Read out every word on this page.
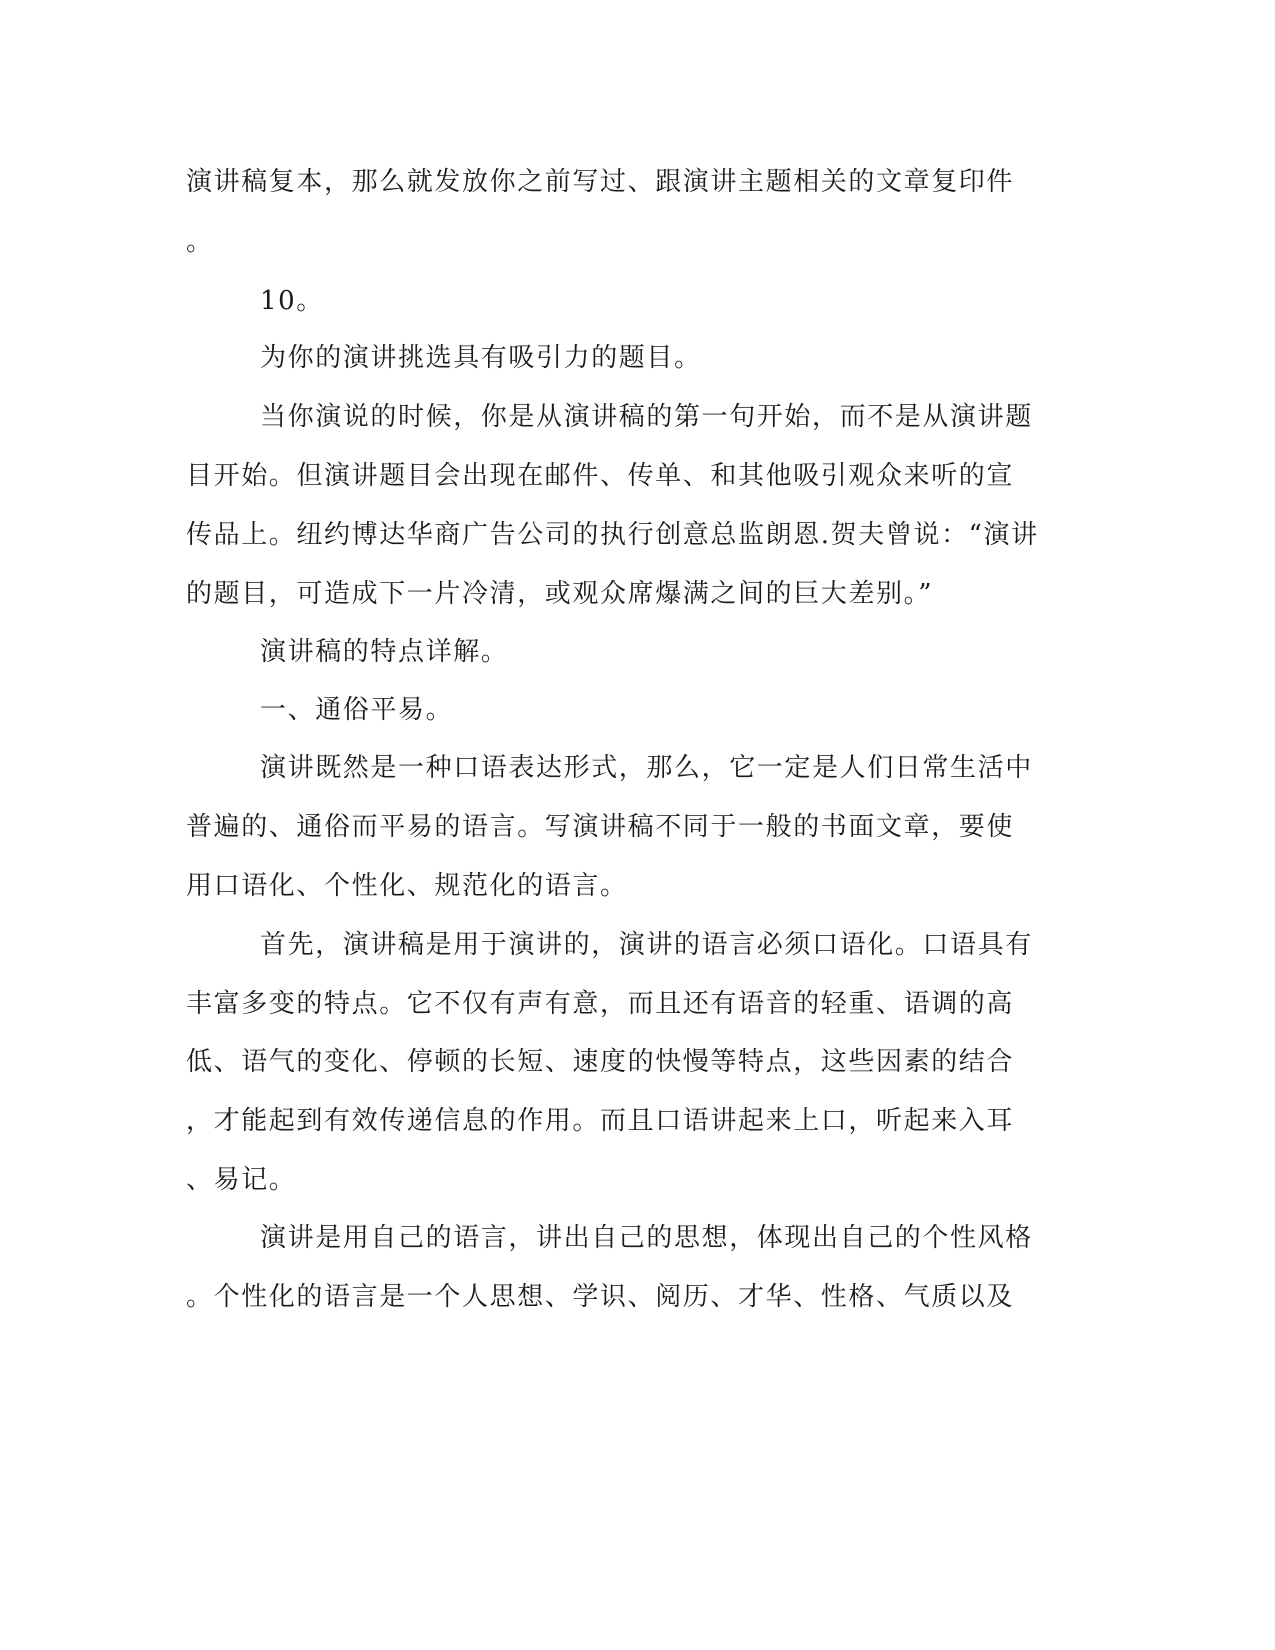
演讲稿复本，那么就发放你之前写过、跟演讲主题相关的文章复印件
。
10。
为你的演讲挑选具有吸引力的题目。
当你演说的时候，你是从演讲稿的第一句开始，而不是从演讲题
目开始。但演讲题目会出现在邮件、传单、和其他吸引观众来听的宣
传品上。纽约博达华商广告公司的执行创意总监朗恩.贺夫曾说：“演讲
的题目，可造成下一片冷清，或观众席爆满之间的巨大差别。”
演讲稿的特点详解。
一、通俗平易。
演讲既然是一种口语表达形式，那么，它一定是人们日常生活中
普遍的、通俗而平易的语言。写演讲稿不同于一般的书面文章，要使
用口语化、个性化、规范化的语言。
首先，演讲稿是用于演讲的，演讲的语言必须口语化。口语具有
丰富多变的特点。它不仅有声有意，而且还有语音的轻重、语调的高
低、语气的变化、停顿的长短、速度的快慢等特点，这些因素的结合
，才能起到有效传递信息的作用。而且口语讲起来上口，听起来入耳
、易记。
演讲是用自己的语言，讲出自己的思想，体现出自己的个性风格
。个性化的语言是一个人思想、学识、阅历、才华、性格、气质以及
